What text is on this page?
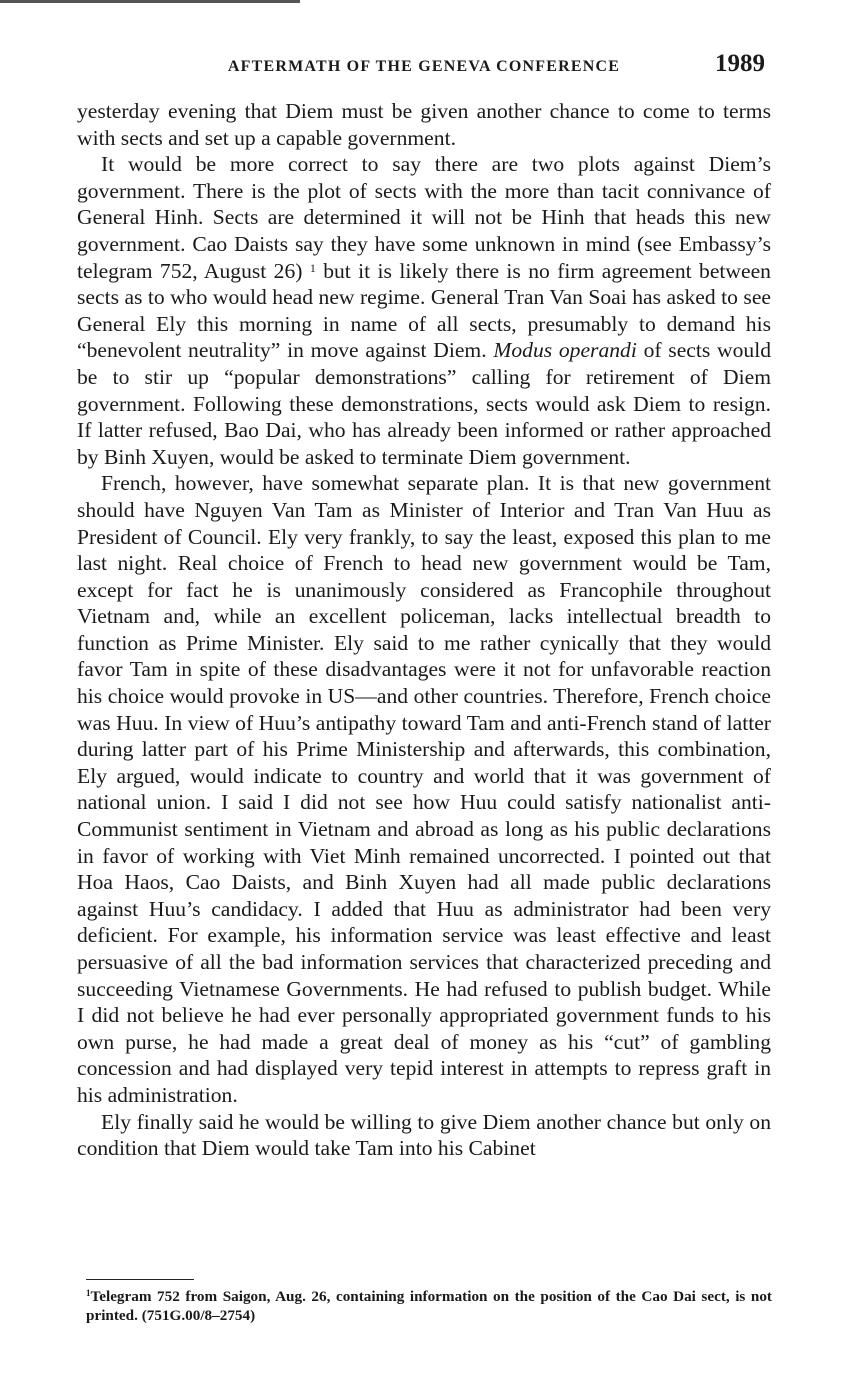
AFTERMATH OF THE GENEVA CONFERENCE	1989

yesterday evening that Diem must be given another chance to come to terms with sects and set up a capable government.

It would be more correct to say there are two plots against Diem’s government. There is the plot of sects with the more than tacit connivance of General Hinh. Sects are determined it will not be Hinh that heads this new government. Cao Daists say they have some unknown in mind (see Embassy’s telegram 752, August 26) $^1$ but it is likely there is no firm agreement between sects as to who would head new regime. General Tran Van Soai has asked to see General Ely this morning in name of all sects, presumably to demand his “benevolent neutrality” in move against Diem. Modus operandi of sects would be to stir up “popular demonstrations” calling for retirement of Diem government. Following these demonstrations, sects would ask Diem to resign. If latter refused, Bao Dai, who has already been informed or rather approached by Binh Xuyen, would be asked to terminate Diem government.

French, however, have somewhat separate plan. It is that new government should have Nguyen Van Tam as Minister of Interior and Tran Van Huu as President of Council. Ely very frankly, to say the least, exposed this plan to me last night. Real choice of French to head new government would be Tam, except for fact he is unanimously considered as Francophile throughout Vietnam and, while an excellent policeman, lacks intellectual breadth to function as Prime Minister. Ely said to me rather cynically that they would favor Tam in spite of these disadvantages were it not for unfavorable reaction his choice would provoke in US—and other countries. Therefore, French choice was Huu. In view of Huu’s antipathy toward Tam and anti-French stand of latter during latter part of his Prime Ministership and afterwards, this combination, Ely argued, would indicate to country and world that it was government of national union. I said I did not see how Huu could satisfy nationalist anti-Communist sentiment in Vietnam and abroad as long as his public declarations in favor of working with Viet Minh remained uncorrected. I pointed out that Hoa Haos, Cao Daists, and Binh Xuyen had all made public declarations against Huu’s candidacy. I added that Huu as administrator had been very deficient. For example, his information service was least effective and least persuasive of all the bad information services that characterized preceding and succeeding Vietnamese Governments. He had refused to publish budget. While I did not believe he had ever personally appropriated government funds to his own purse, he had made a great deal of money as his “cut” of gambling concession and had displayed very tepid interest in attempts to repress graft in his administration.

Ely finally said he would be willing to give Diem another chance but only on condition that Diem would take Tam into his Cabinet

$^1$Telegram 752 from Saigon, Aug. 26, containing information on the position of the Cao Dai sect, is not printed. (751G.00/8–2754)
